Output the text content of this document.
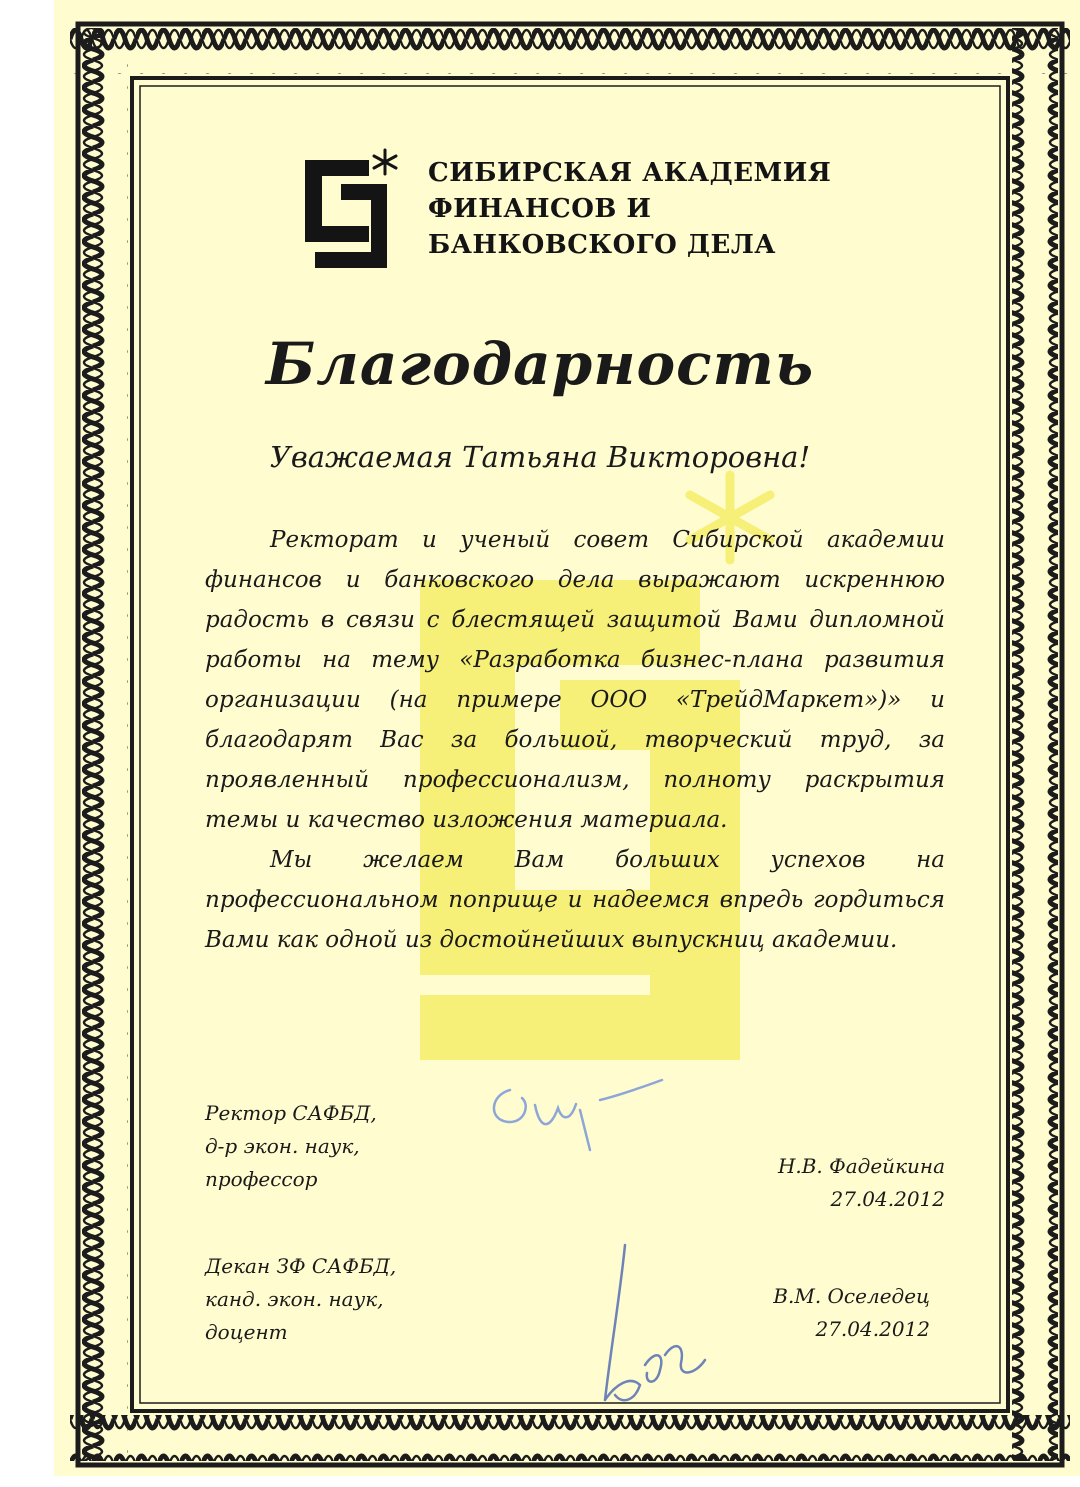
СИБИРСКАЯ АКАДЕМИЯ
ФИНАНСОВ И
БАНКОВСКОГО ДЕЛА
Благодарность
Уважаемая Татьяна Викторовна!

Ректорат и ученый совет Сибирской академии финансов и банковского дела выражают искреннюю радость в связи с блестящей защитой Вами дипломной работы на тему «Разработка бизнес-плана развития организации (на примере ООО «ТрейдМаркет»)» и благодарят Вас за большой, творческий труд, за проявленный профессионализм, полноту раскрытия темы и качество изложения материала.

Мы желаем Вам больших успехов на профессиональном поприще и надеемся впредь гордиться Вами как одной из достойнейших выпускниц академии.

Ректор САФБД,
д-р экон. наук,
профессор
Н.В. Фадейкина
27.04.2012
Декан ЗФ САФБД,
канд. экон. наук,
доцент
В.М. Оселедец
27.04.2012
